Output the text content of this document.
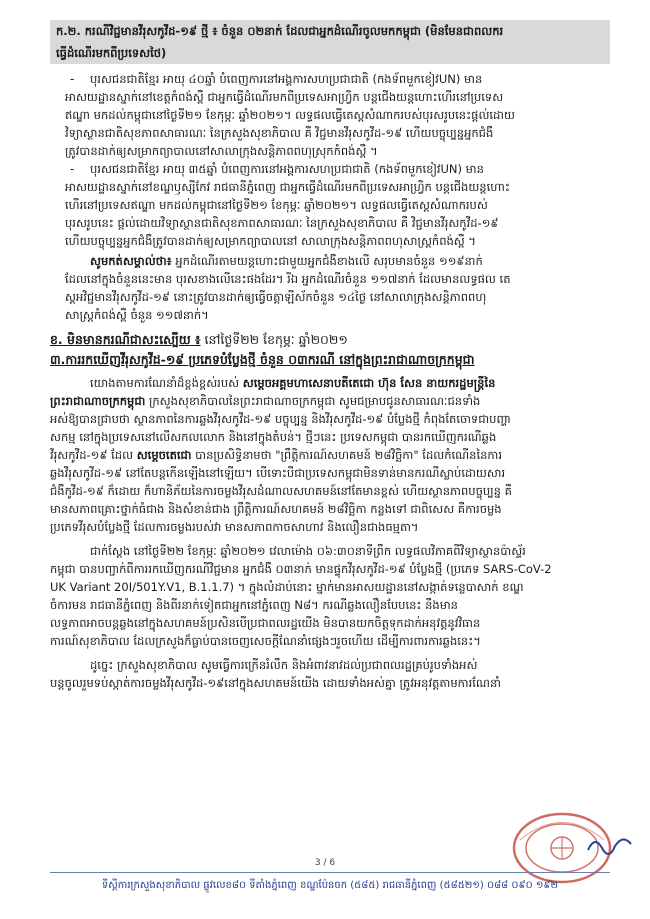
ក.២. ករណីវិជ្ជមានវីរុសកូវីដ-១៩ ថ្មី ៖ ចំនួន ០២នាក់ ដែលជាអ្នកដំណើរចូលមកកម្ពុជា (មិនមែនជាពលករ
ធ្វើដំណើរមកពីប្រទេសថៃ)
- បុរសជនជាតិខ្មែរ អាយុ ៤០ឆ្នាំ បំពេញការនៅអង្គការសហប្រជាជាតិ (កងទ័ពមួកខៀវUN) មាន
អាសយដ្ឋានស្នាក់នៅខេត្តកំពង់ស្ពឺ ជាអ្នកធ្វើដំណើរមកពីប្រទេសអាហ្វ្រិក បន្តជើងយន្តហោះហើរនៅប្រទេស
ឥណ្ឌា មកដល់កម្ពុជានៅថ្ងៃទី២១ ខែកុម្ភៈ ឆ្នាំ២០២១។ លទ្ធផលធ្វើតេស្តសំណាករបស់បុរសរូបនេះផ្តល់ដោយ
វិទ្យាស្ថានជាតិសុខភាពសាធារណៈ នៃក្រសួងសុខាភិបាល គឺ វិជ្ជមានវីរុសកូវីដ-១៩ ហើយបច្ចុប្បន្នអ្នកជំងឺ
ត្រូវបានដាក់ឲ្យសម្រាកព្យាបាលនៅសាលាក្រុងសន្តិភាពពហុស្រុកកំពង់ស្ពឺ ។
- បុរសជនជាតិខ្មែរ អាយុ ៣៥ឆ្នាំ បំពេញការនៅអង្គការសហប្រជាជាតិ (កងទ័ពមួកខៀវUN) មាន
អាសយដ្ឋានស្នាក់នៅខណ្ឌឫស្សីកែវ រាជធានីភ្នំពេញ ជាអ្នកធ្វើដំណើរមកពីប្រទេសអាហ្វ្រិក បន្តជើងយន្តហោះ
ហើរនៅប្រទេសឥណ្ឌា មកដល់កម្ពុជានៅថ្ងៃទី២១ ខែកុម្ភៈ ឆ្នាំ២០២១។ លទ្ធផលធ្វើតេស្តសំណាករបស់
បុរសរូបនេះ ផ្តល់ដោយវិទ្យាស្ថានជាតិសុខភាពសាធារណៈ នៃក្រសួងសុខាភិបាល គឺ វិជ្ជមានវីរុសកូវីដ-១៩
ហើយបច្ចុប្បន្នអ្នកជំងឺត្រូវបានដាក់ឲ្យសម្រាកព្យាបាលនៅ សាលាក្រុងសន្តិភាពពហុសាស្រ្តកំពង់ស្ពឺ ។
សូមកត់សម្គាល់ថា៖ អ្នកដំណើរតាមយន្តហោះជាមួយអ្នកជំងឺខាងលើ សរុបមានចំនួន ១១៩នាក់
ដែលនៅក្នុងចំនួននេះមាន បុរសខាងលើនេះផងដែរ។ រីឯ អ្នកដំណើរចំនួន ១១៧នាក់ ដែលមានលទ្ធផល តេ
ស្តអវិជ្ជមានវីរុសកូវីដ-១៩ នោះត្រូវបានដាក់ឲ្យធ្វើចត្តាឡីស័កចំនួន ១៤ថ្ងៃ នៅសាលាក្រុងសន្តិភាពពហុ
សាស្រ្តកំពង់ស្ពឺ ចំនួន ១១៧នាក់។
ខ. មិនមានករណីជាសះស្បើយ ៖ នៅថ្ងៃទី២២ ខែកុម្ភៈ ឆ្នាំ២០២១
៣.ការរកឃើញវីរុសកូវីដ-១៩ ប្រភេទបំប្លែងថ្មី ចំនួន ០៣ករណី នៅក្នុងព្រះរាជាណាចក្រកម្ពុជា
យោងតាមការណែនាំដ៏ខ្ពង់ខ្ពស់របស់ សម្តេចអគ្គមហាសេនាបតីតេជោ ហ៊ុន សែន នាយករដ្ឋមន្ត្រីនៃ
ព្រះរាជាណាចក្រកម្ពុជា ក្រសួងសុខាភិបាលនៃព្រះរាជាណាចក្រកម្ពុជា សូមជម្រាបជូនសាធារណៈជនទាំង
អស់ឱ្យបានជ្រាបថា ស្ថានភាពនៃការឆ្លងវីរុសកូវីដ-១៩ បច្ចុប្បន្ន និងវីរុសកូវីដ-១៩ បំប្លែងថ្មី កំពុងតែចោទជាបញ្ហា
សកម្ម នៅក្នុងប្រទេសនៅលើសកលលោក និងនៅក្នុងតំបន់។ ថ្មីៗនេះ ប្រទេសកម្ពុជា បានរកឃើញករណីឆ្លង
វីរុសកូវីដ-១៩ ដែល សម្តេចតេជោ បានប្រសិទ្ធិនាមថា "ព្រឹត្តិការណ៍សហគមន៍ ២៨វិច្ឆិកា" ដែលកំណើននៃការ
ឆ្លងវីរុសកូវីដ-១៩ នៅតែបន្តកើនឡើងនៅឡើយ។ បើទោះបីជាប្រទេសកម្ពុជាមិនទាន់មានករណីស្លាប់ដោយសារ
ជំងឺកូវីដ-១៩ ក៏ដោយ ក៏ហានិភ័យនៃការចម្លងវីរុសដំណាលសហគមន៍នៅតែមានខ្ពស់ ហើយស្ថានភាពបច្ចុប្បន្ន គឺ
មានសភាពគ្រោះថ្នាក់ធំជាង និងសំខាន់ជាង ព្រឹត្តិការណ៍សហគមន៍ ២៨វិច្ឆិកា កន្លងទៅ ជាពិសេស គឺការចម្លង
ប្រភេទវីរុសបំប្លែងថ្មី ដែលការចម្លងរបស់វា មានសភាពកាចសាហាវ និងលឿនជាងធម្មតា។
ជាក់ស្តែង នៅថ្ងៃទី២២ ខែកុម្ភៈ ឆ្នាំ២០២១ វេលាម៉ោង ០៦:៣០នាទីព្រឹក លទ្ធផលវិភាគពីវិទ្យាស្ថានប៉ាស្ទ័រ
កម្ពុជា បានបញ្ជាក់ពីការរកឃើញករណីវិជ្ជមាន អ្នកជំងឺ ០៣នាក់ មានផ្ទុកវីរុសកូវីដ-១៩ បំប្លែងថ្មី (ប្រភេទ SARS-CoV-2
UK Variant 20I/501Y.V1, B.1.1.7) ។ ក្នុងលំដាប់នោះ ម្នាក់មានអាសយដ្ឋាននៅសង្កាត់ទន្លេបាសាក់ ខណ្ឌ
ចំការមន រាជធានីភ្នំពេញ និងពីរនាក់ទៀតជាអ្នកនៅភ្នំពេញ N៨។ ករណីឆ្លងលឿនបែបនេះ នឹងមាន
លទ្ធភាពអាចបន្តឆ្លងនៅក្នុងសហគមន៍ប្រសិនបើប្រជាពលរដ្ឋយើង មិនបានយកចិត្តទុកដាក់អនុវត្តនូវវិធាន
ការណ៍សុខាភិបាល ដែលក្រសួងក៏ធ្លាប់បានចេញសេចក្តីណែនាំផ្សេងៗរួចហើយ ដើម្បីការពារការឆ្លងនេះ។
ដូច្នេះ ក្រសួងសុខាភិបាល សូមធ្វើការក្រើនរំលឹក និងអំពាវនាវដល់ប្រជាពលរដ្ឋគ្រប់រូបទាំងអស់
បន្តចូលរួមទប់ស្កាត់ការចម្លងវីរុសកូវីដ-១៩នៅក្នុងសហគមន៍យើង ដោយទាំងអស់គ្នា ត្រូវអនុវត្តតាមការណែនាំ
3 / 6
ទីស្តីការក្រសួងសុខាភិបាល ផ្លូវលេខ៨០ ទីតាំងភ្នំពេញ ខណ្ឌប៉ែនចក (៥៨៥) រាជធានីភ្នំពេញ (៥៨៥២១) ០៨៨ ០៩០ ១៩២
